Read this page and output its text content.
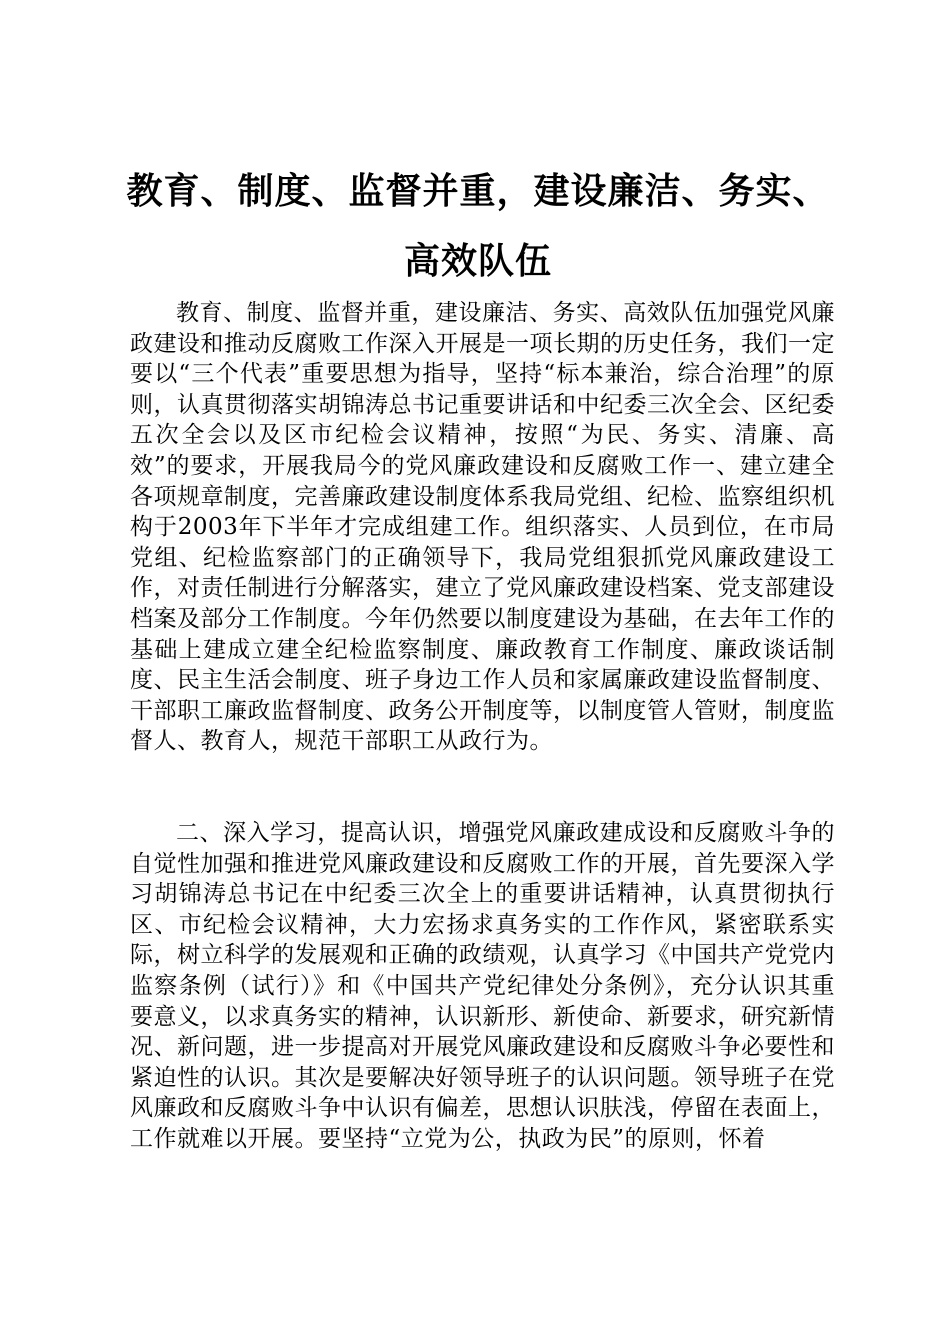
教育、制度、监督并重，建设廉洁、务实、高效队伍

教育、制度、监督并重，建设廉洁、务实、高效队伍加强党风廉政建设和推动反腐败工作深入开展是一项长期的历史任务，我们一定要以“三个代表”重要思想为指导，坚持“标本兼治，综合治理”的原则，认真贯彻落实胡锦涛总书记重要讲话和中纪委三次全会、区纪委五次全会以及区市纪检会议精神，按照“为民、务实、清廉、高效”的要求，开展我局今的党风廉政建设和反腐败工作一、建立建全各项规章制度，完善廉政建设制度体系我局党组、纪检、监察组织机构于2003年下半年才完成组建工作。组织落实、人员到位，在市局党组、纪检监察部门的正确领导下，我局党组狠抓党风廉政建设工作，对责任制进行分解落实，建立了党风廉政建设档案、党支部建设档案及部分工作制度。今年仍然要以制度建设为基础，在去年工作的基础上建成立建全纪检监察制度、廉政教育工作制度、廉政谈话制度、民主生活会制度、班子身边工作人员和家属廉政建设监督制度、干部职工廉政监督制度、政务公开制度等，以制度管人管财，制度监督人、教育人，规范干部职工从政行为。

二、深入学习，提高认识，增强党风廉政建成设和反腐败斗争的自觉性加强和推进党风廉政建设和反腐败工作的开展，首先要深入学习胡锦涛总书记在中纪委三次全上的重要讲话精神，认真贯彻执行区、市纪检会议精神，大力宏扬求真务实的工作作风，紧密联系实际，树立科学的发展观和正确的政绩观，认真学习《中国共产党党内监察条例（试行）》和《中国共产党纪律处分条例》，充分认识其重要意义，以求真务实的精神，认识新形、新使命、新要求，研究新情况、新问题，进一步提高对开展党风廉政建设和反腐败斗争必要性和紧迫性的认识。其次是要解决好领导班子的认识问题。领导班子在党风廉政和反腐败斗争中认识有偏差，思想认识肤浅，停留在表面上，工作就难以开展。要坚持“立党为公，执政为民”的原则，怀着
